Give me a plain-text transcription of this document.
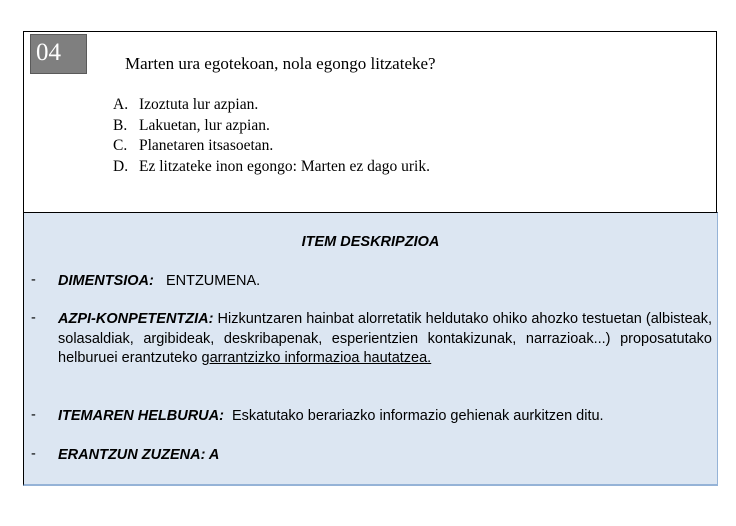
04	Marten ura egotekoan, nola egongo litzateke?
A. Izoztuta lur azpian.
B. Lakuetan, lur azpian.
C. Planetaren itsasoetan.
D. Ez litzateke inon egongo: Marten ez dago urik.
ITEM DESKRIPZIOA
- DIMENTSIOA: ENTZUMENA.
- AZPI-KONPETENTZIA: Hizkuntzaren hainbat alorretatik heldutako ohiko ahozko testuetan (albisteak, solasaldiak, argibideak, deskribapenak, esperientzien kontakizunak, narrazioak...) proposatutako helburuei erantzuteko garrantzizko informazioa hautatzea.
- ITEMAREN HELBURUA: Eskatutako berariazko informazio gehienak aurkitzen ditu.
- ERANTZUN ZUZENA: A
